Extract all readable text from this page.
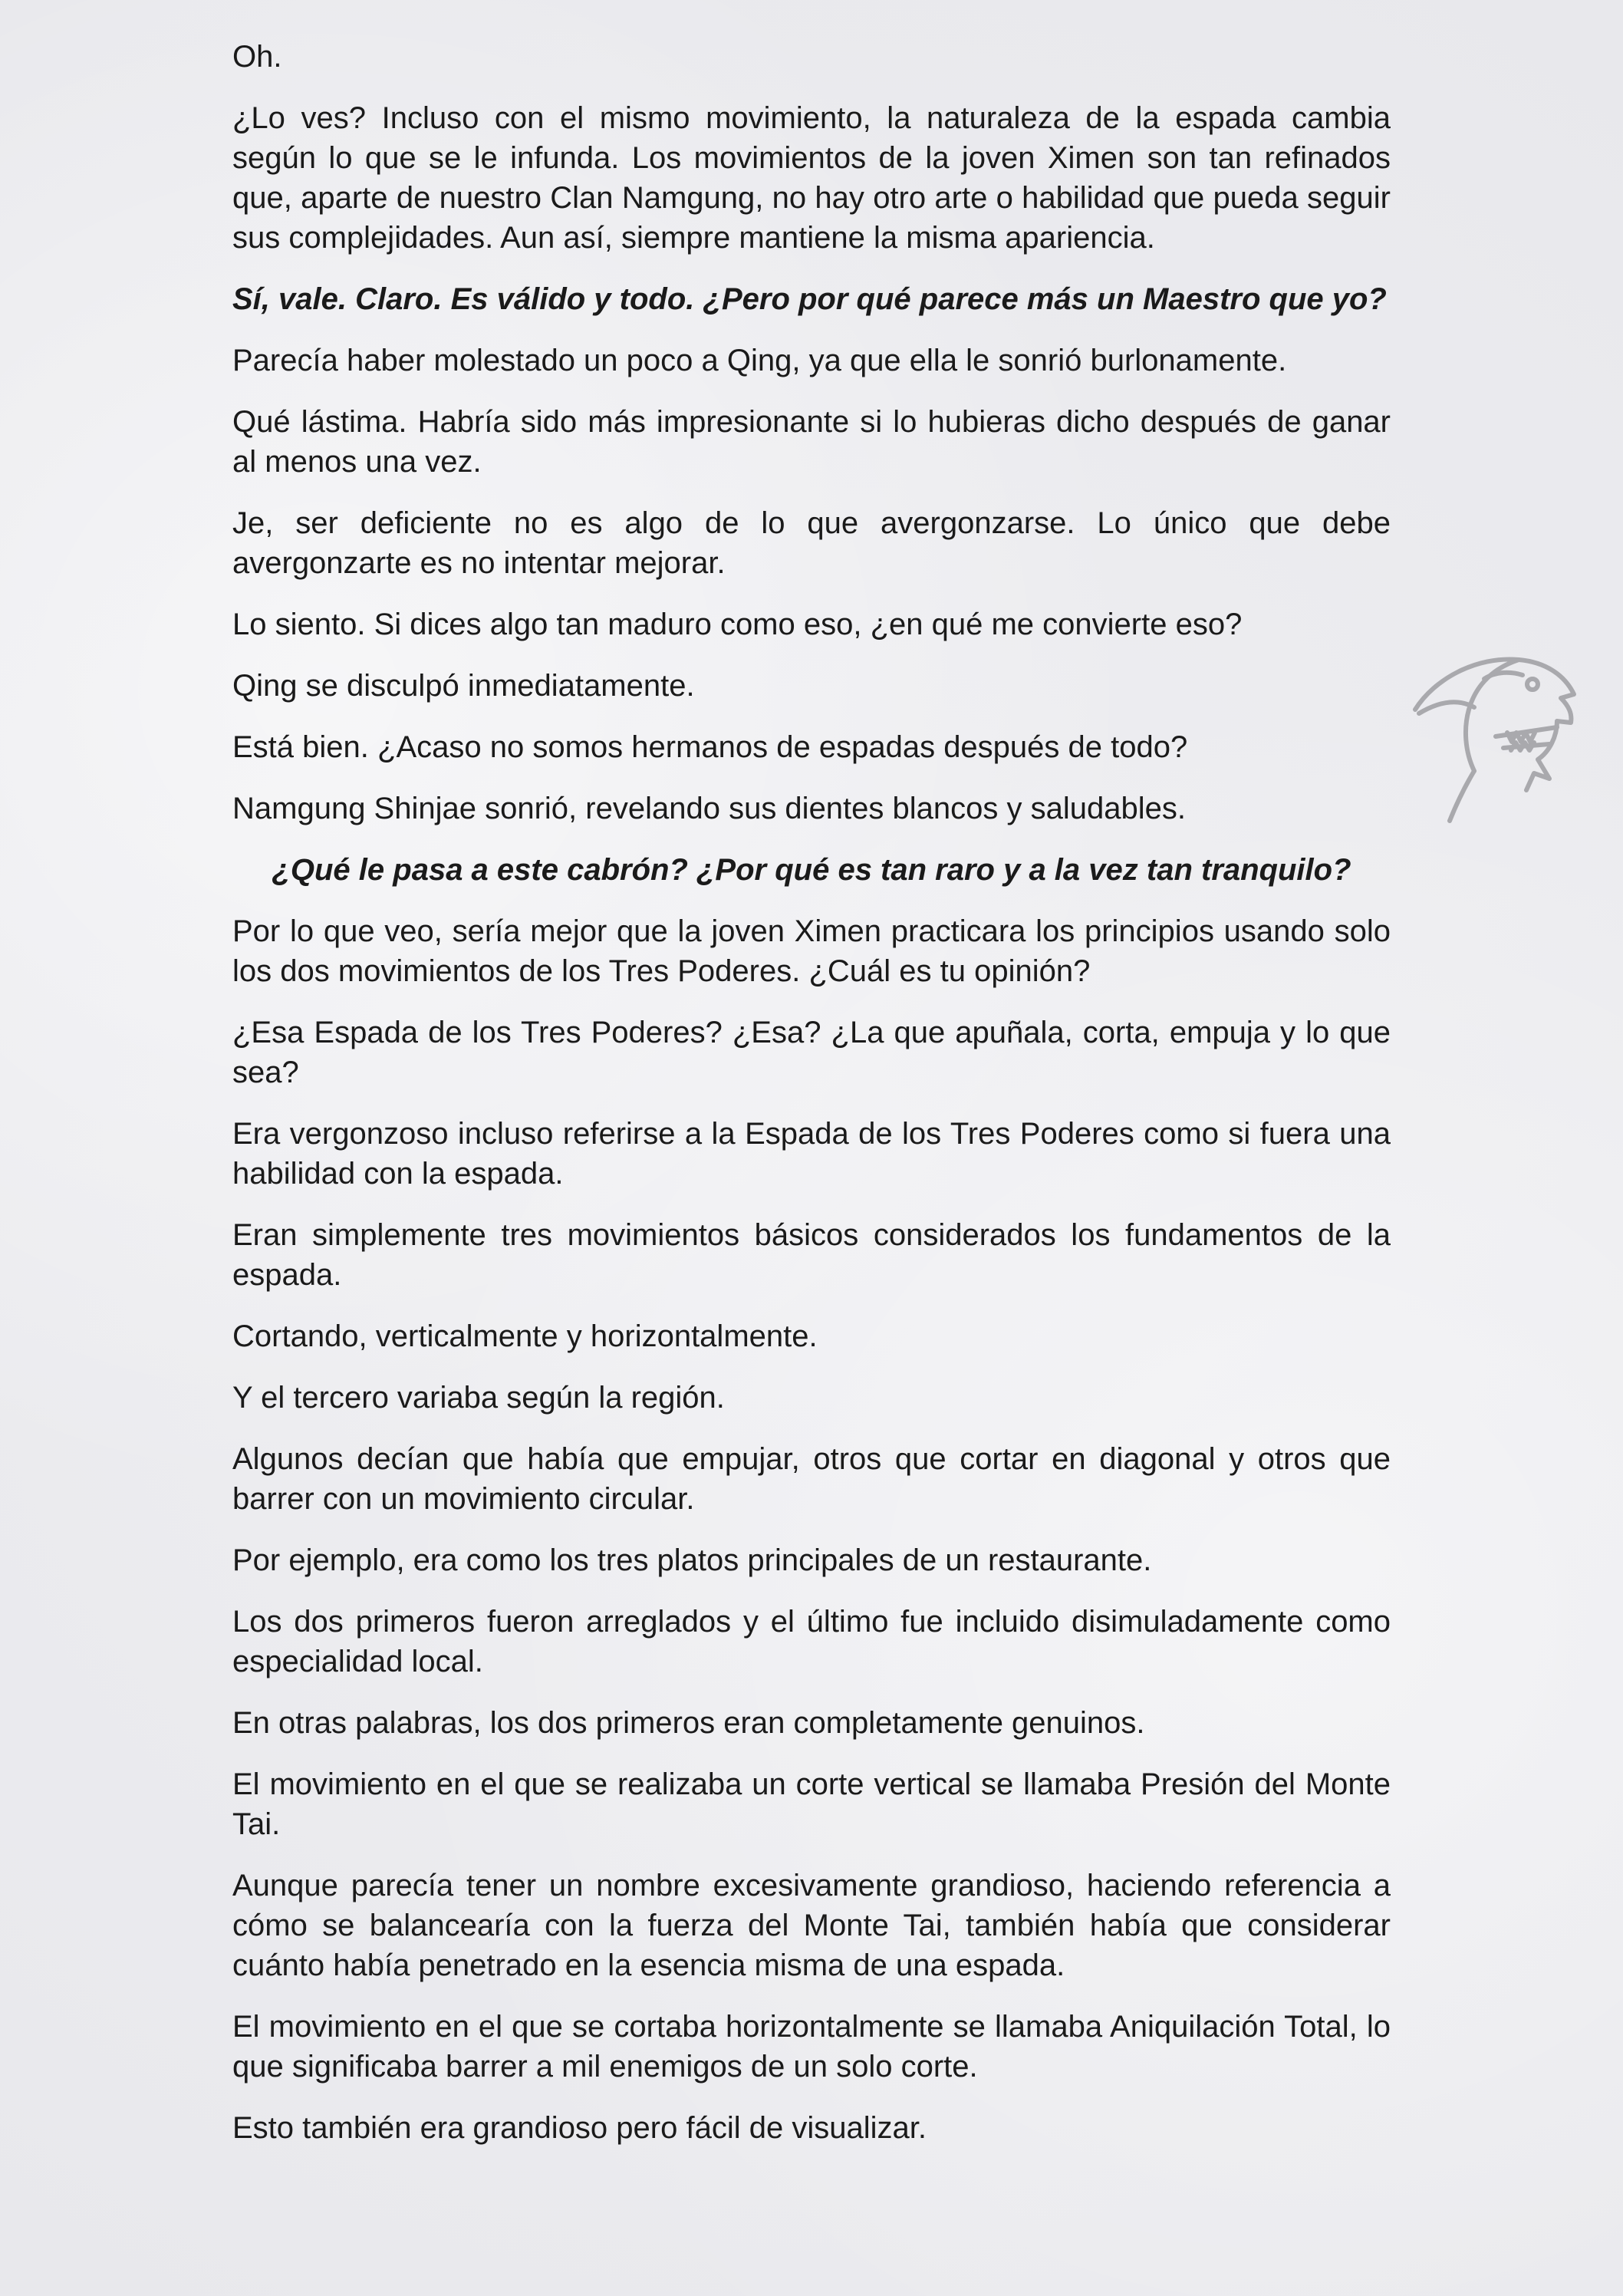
Oh.

¿Lo ves? Incluso con el mismo movimiento, la naturaleza de la espada cambia según lo que se le infunda. Los movimientos de la joven Ximen son tan refinados que, aparte de nuestro Clan Namgung, no hay otro arte o habilidad que pueda seguir sus complejidades. Aun así, siempre mantiene la misma apariencia.

Sí, vale. Claro. Es válido y todo. ¿Pero por qué parece más un Maestro que yo?

Parecía haber molestado un poco a Qing, ya que ella le sonrió burlonamente.

Qué lástima. Habría sido más impresionante si lo hubieras dicho después de ganar al menos una vez.

Je, ser deficiente no es algo de lo que avergonzarse. Lo único que debe avergonzarte es no intentar mejorar.

Lo siento. Si dices algo tan maduro como eso, ¿en qué me convierte eso?

Qing se disculpó inmediatamente.

Está bien. ¿Acaso no somos hermanos de espadas después de todo?

Namgung Shinjae sonrió, revelando sus dientes blancos y saludables.

¿Qué le pasa a este cabrón? ¿Por qué es tan raro y a la vez tan tranquilo?

Por lo que veo, sería mejor que la joven Ximen practicara los principios usando solo los dos movimientos de los Tres Poderes. ¿Cuál es tu opinión?

¿Esa Espada de los Tres Poderes? ¿Esa? ¿La que apuñala, corta, empuja y lo que sea?

Era vergonzoso incluso referirse a la Espada de los Tres Poderes como si fuera una habilidad con la espada.

Eran simplemente tres movimientos básicos considerados los fundamentos de la espada.

Cortando, verticalmente y horizontalmente.

Y el tercero variaba según la región.

Algunos decían que había que empujar, otros que cortar en diagonal y otros que barrer con un movimiento circular.

Por ejemplo, era como los tres platos principales de un restaurante.

Los dos primeros fueron arreglados y el último fue incluido disimuladamente como especialidad local.

En otras palabras, los dos primeros eran completamente genuinos.

El movimiento en el que se realizaba un corte vertical se llamaba Presión del Monte Tai.

Aunque parecía tener un nombre excesivamente grandioso, haciendo referencia a cómo se balancearía con la fuerza del Monte Tai, también había que considerar cuánto había penetrado en la esencia misma de una espada.

El movimiento en el que se cortaba horizontalmente se llamaba Aniquilación Total, lo que significaba barrer a mil enemigos de un solo corte.

Esto también era grandioso pero fácil de visualizar.
